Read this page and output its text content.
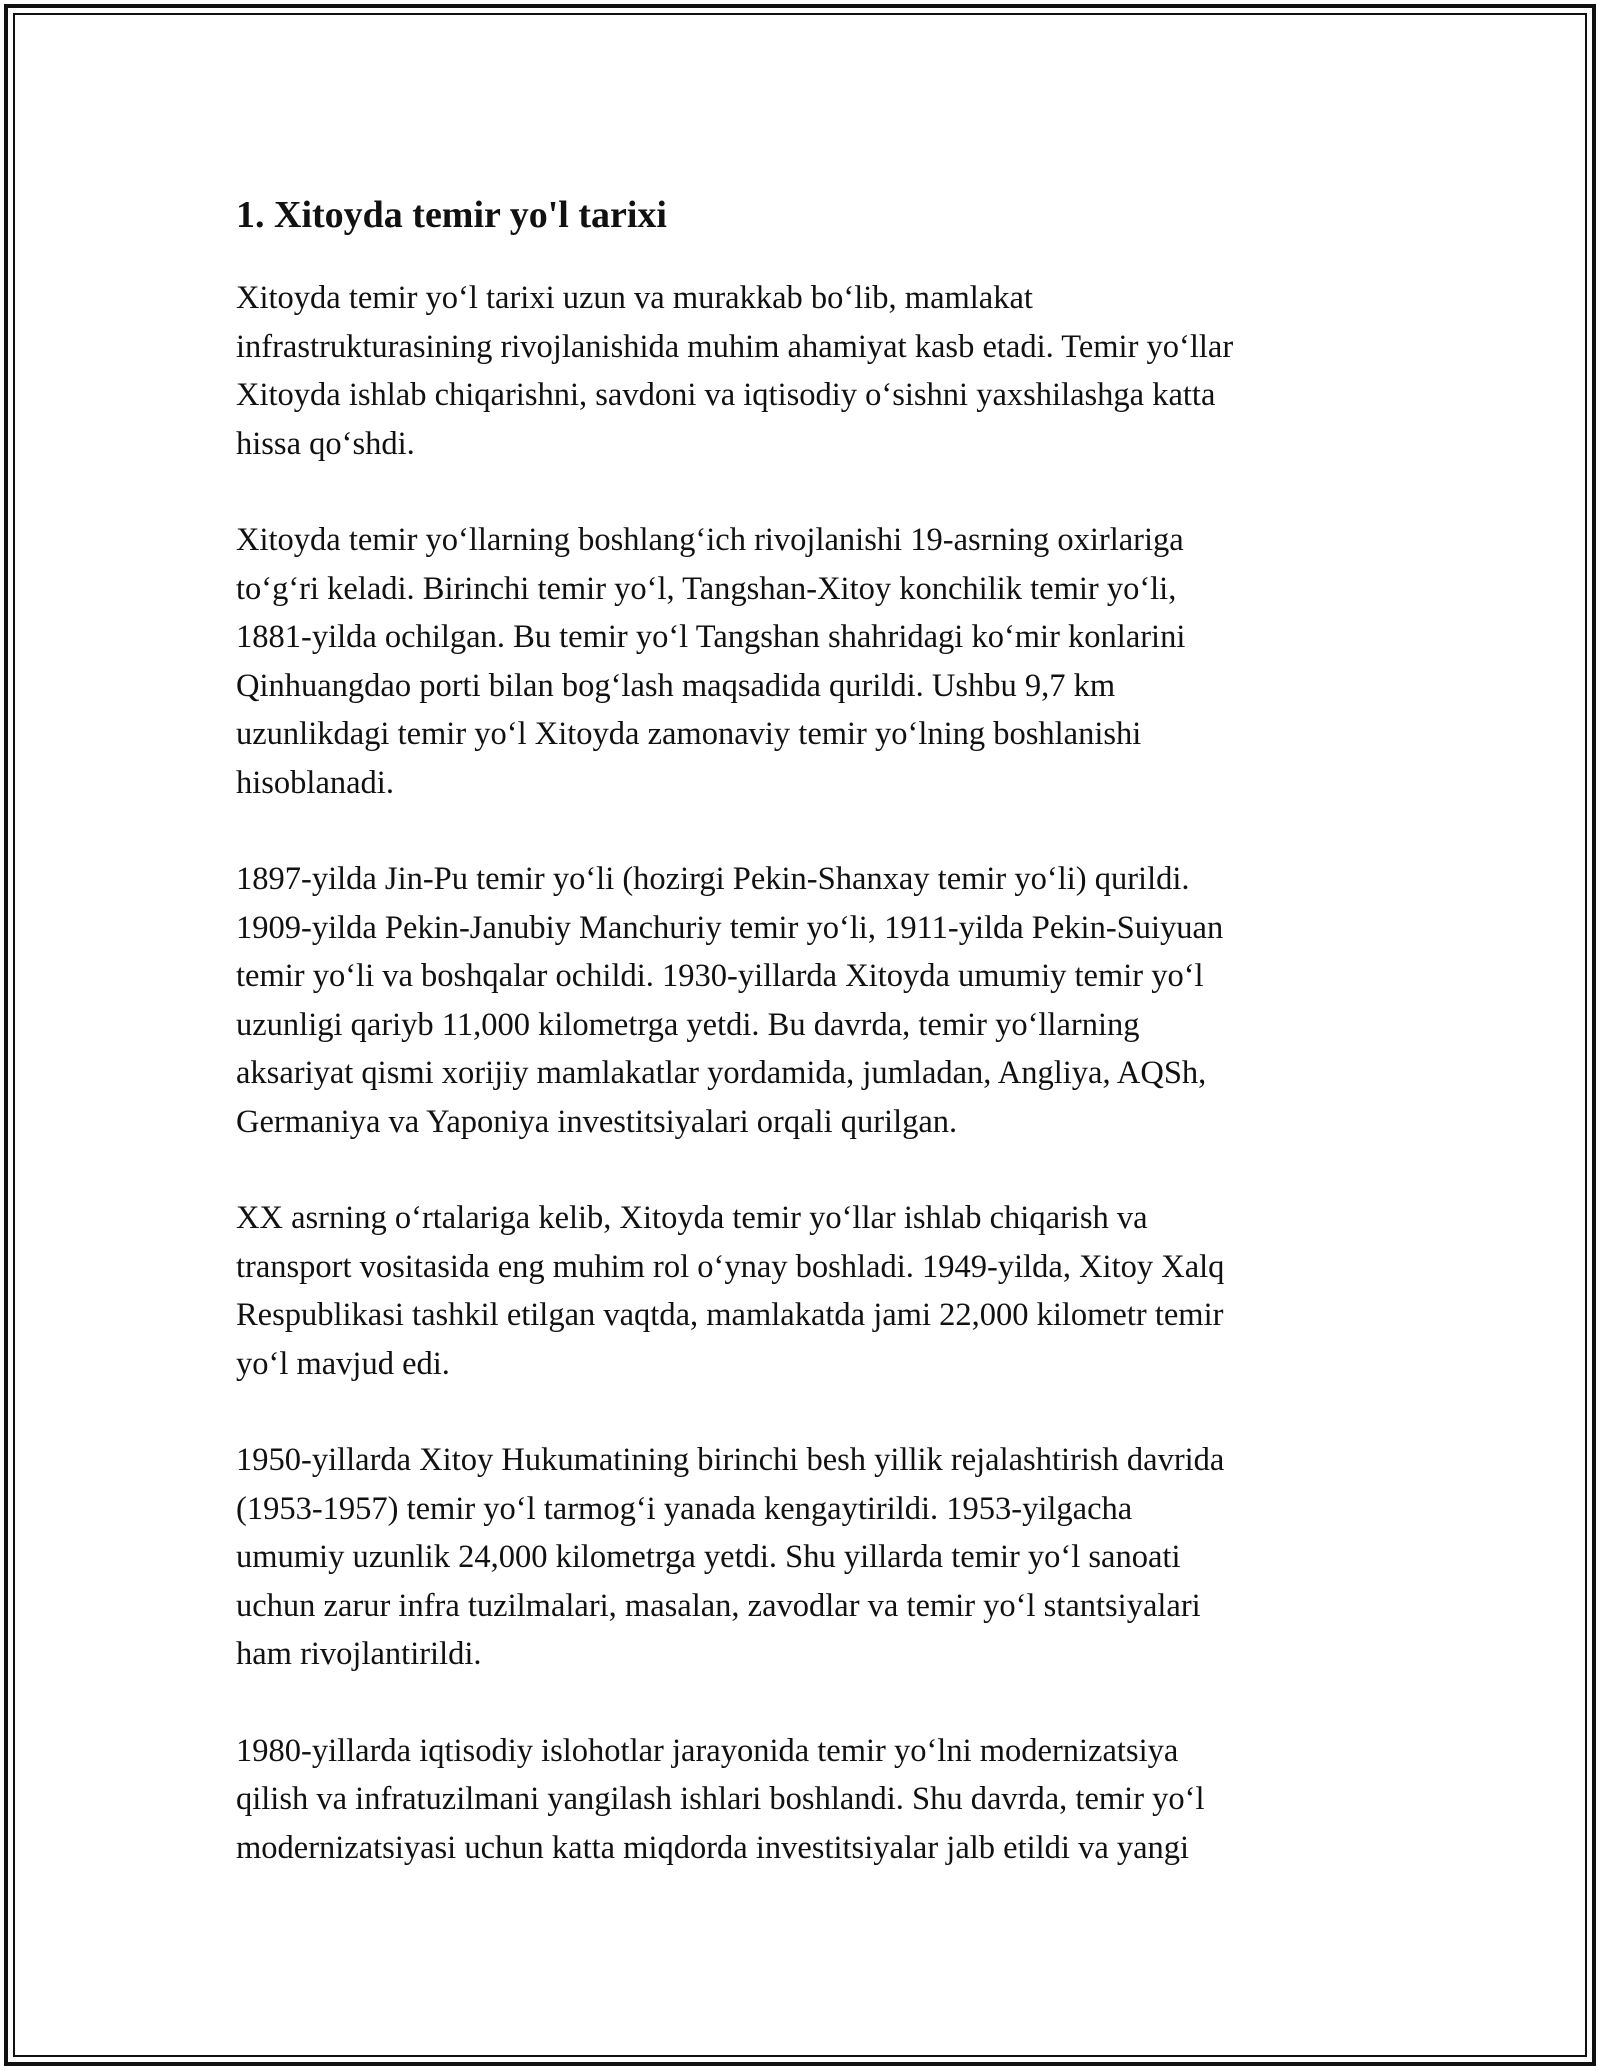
1. Xitoyda temir yo'l tarixi

Xitoyda temir yo‘l tarixi uzun va murakkab bo‘lib, mamlakat
infrastrukturasining rivojlanishida muhim ahamiyat kasb etadi. Temir yo‘llar
Xitoyda ishlab chiqarishni, savdoni va iqtisodiy o‘sishni yaxshilashga katta
hissa qo‘shdi.

Xitoyda temir yo‘llarning boshlang‘ich rivojlanishi 19-asrning oxirlariga
to‘g‘ri keladi. Birinchi temir yo‘l, Tangshan-Xitoy konchilik temir yo‘li,
1881-yilda ochilgan. Bu temir yo‘l Tangshan shahridagi ko‘mir konlarini
Qinhuangdao porti bilan bog‘lash maqsadida qurildi. Ushbu 9,7 km
uzunlikdagi temir yo‘l Xitoyda zamonaviy temir yo‘lning boshlanishi
hisoblanadi.

1897-yilda Jin-Pu temir yo‘li (hozirgi Pekin-Shanxay temir yo‘li) qurildi.
1909-yilda Pekin-Janubiy Manchuriy temir yo‘li, 1911-yilda Pekin-Suiyuan
temir yo‘li va boshqalar ochildi. 1930-yillarda Xitoyda umumiy temir yo‘l
uzunligi qariyb 11,000 kilometrga yetdi. Bu davrda, temir yo‘llarning
aksariyat qismi xorijiy mamlakatlar yordamida, jumladan, Angliya, AQSh,
Germaniya va Yaponiya investitsiyalari orqali qurilgan.

XX asrning o‘rtalariga kelib, Xitoyda temir yo‘llar ishlab chiqarish va
transport vositasida eng muhim rol o‘ynay boshladi. 1949-yilda, Xitoy Xalq
Respublikasi tashkil etilgan vaqtda, mamlakatda jami 22,000 kilometr temir
yo‘l mavjud edi.

1950-yillarda Xitoy Hukumatining birinchi besh yillik rejalashtirish davrida
(1953-1957) temir yo‘l tarmog‘i yanada kengaytirildi. 1953-yilgacha
umumiy uzunlik 24,000 kilometrga yetdi. Shu yillarda temir yo‘l sanoati
uchun zarur infra tuzilmalari, masalan, zavodlar va temir yo‘l stantsiyalari
ham rivojlantirildi.

1980-yillarda iqtisodiy islohotlar jarayonida temir yo‘lni modernizatsiya
qilish va infratuzilmani yangilash ishlari boshlandi. Shu davrda, temir yo‘l
modernizatsiyasi uchun katta miqdorda investitsiyalar jalb etildi va yangi
